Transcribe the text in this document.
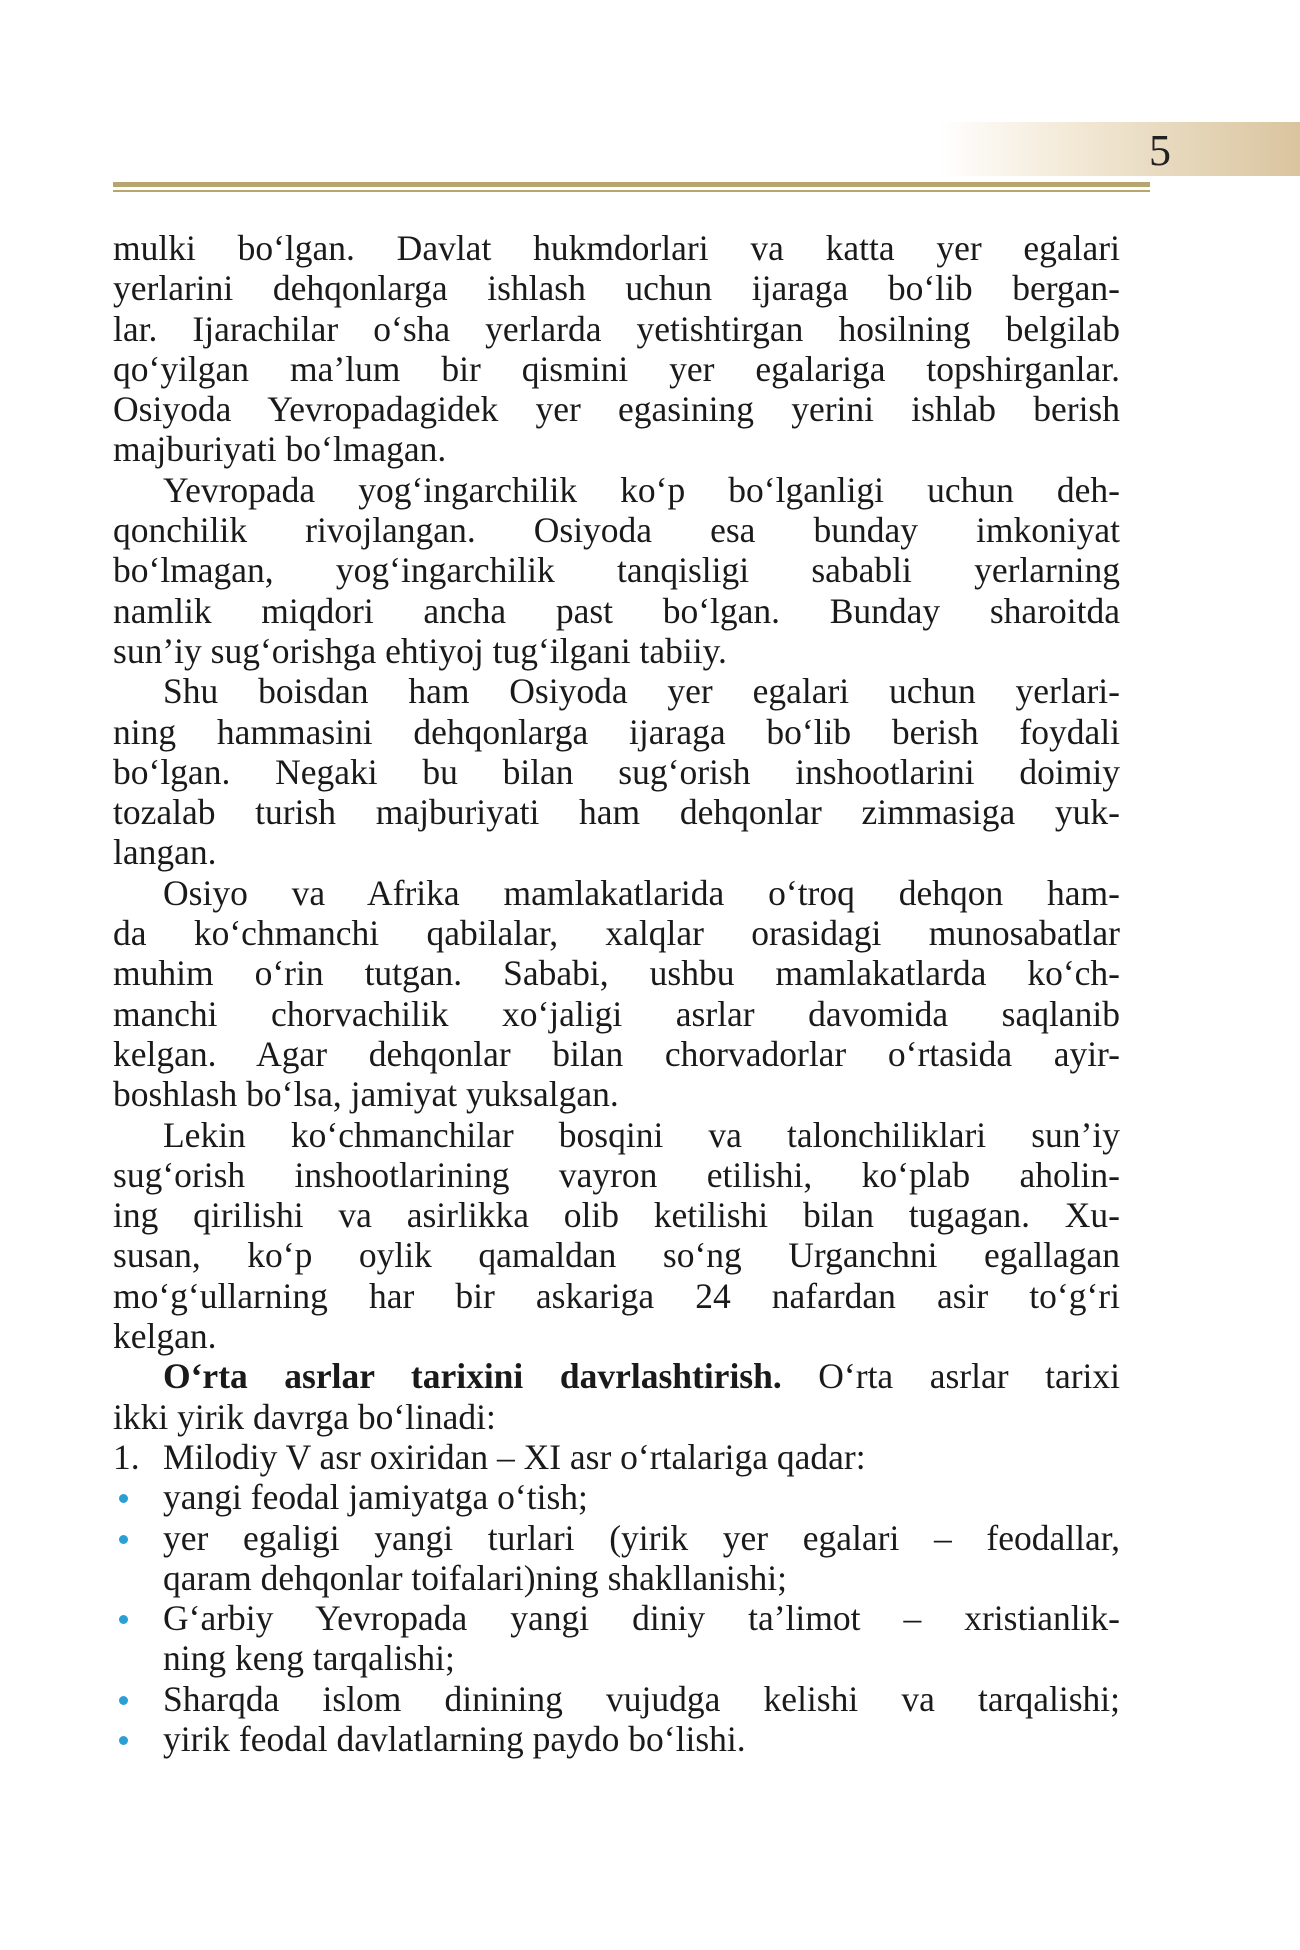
5
mulki bo‘lgan. Davlat hukmdorlari va katta yer egalari
yerlarini dehqonlarga ishlash uchun ijaraga bo‘lib bergan-
lar. Ijarachilar o‘sha yerlarda yetishtirgan hosilning belgilab
qo‘yilgan ma’lum bir qismini yer egalariga topshirganlar.
Osiyoda Yevropadagidek yer egasining yerini ishlab berish
majburiyati bo‘lmagan.
Yevropada yog‘ingarchilik ko‘p bo‘lganligi uchun deh-
qonchilik rivojlangan. Osiyoda esa bunday imkoniyat
bo‘lmagan, yog‘ingarchilik tanqisligi sababli yerlarning
namlik miqdori ancha past bo‘lgan. Bunday sharoitda
sun’iy sug‘orishga ehtiyoj tug‘ilgani tabiiy.
Shu boisdan ham Osiyoda yer egalari uchun yerlari-
ning hammasini dehqonlarga ijaraga bo‘lib berish foydali
bo‘lgan. Negaki bu bilan sug‘orish inshootlarini doimiy
tozalab turish majburiyati ham dehqonlar zimmasiga yuk-
langan.
Osiyo va Afrika mamlakatlarida o‘troq dehqon ham-
da ko‘chmanchi qabilalar, xalqlar orasidagi munosabatlar
muhim o‘rin tutgan. Sababi, ushbu mamlakatlarda ko‘ch-
manchi chorvachilik xo‘jaligi asrlar davomida saqlanib
kelgan. Agar dehqonlar bilan chorvadorlar o‘rtasida ayir-
boshlash bo‘lsa, jamiyat yuksalgan.
Lekin ko‘chmanchilar bosqini va talonchiliklari sun’iy
sug‘orish inshootlarining vayron etilishi, ko‘plab aholin-
ing qirilishi va asirlikka olib ketilishi bilan tugagan. Xu-
susan, ko‘p oylik qamaldan so‘ng Urganchni egallagan
mo‘g‘ullarning har bir askariga 24 nafardan asir to‘g‘ri
kelgan.
O‘rta asrlar tarixini davrlashtirish. O‘rta asrlar tarixi
ikki yirik davrga bo‘linadi:
1. Milodiy V asr oxiridan – XI asr o‘rtalariga qadar:
yangi feodal jamiyatga o‘tish;
yer egaligi yangi turlari (yirik yer egalari – feodallar,
qaram dehqonlar toifalari)ning shakllanishi;
G‘arbiy Yevropada yangi diniy ta’limot – xristianlik-
ning keng tarqalishi;
Sharqda islom dinining vujudga kelishi va tarqalishi;
yirik feodal davlatlarning paydo bo‘lishi.
